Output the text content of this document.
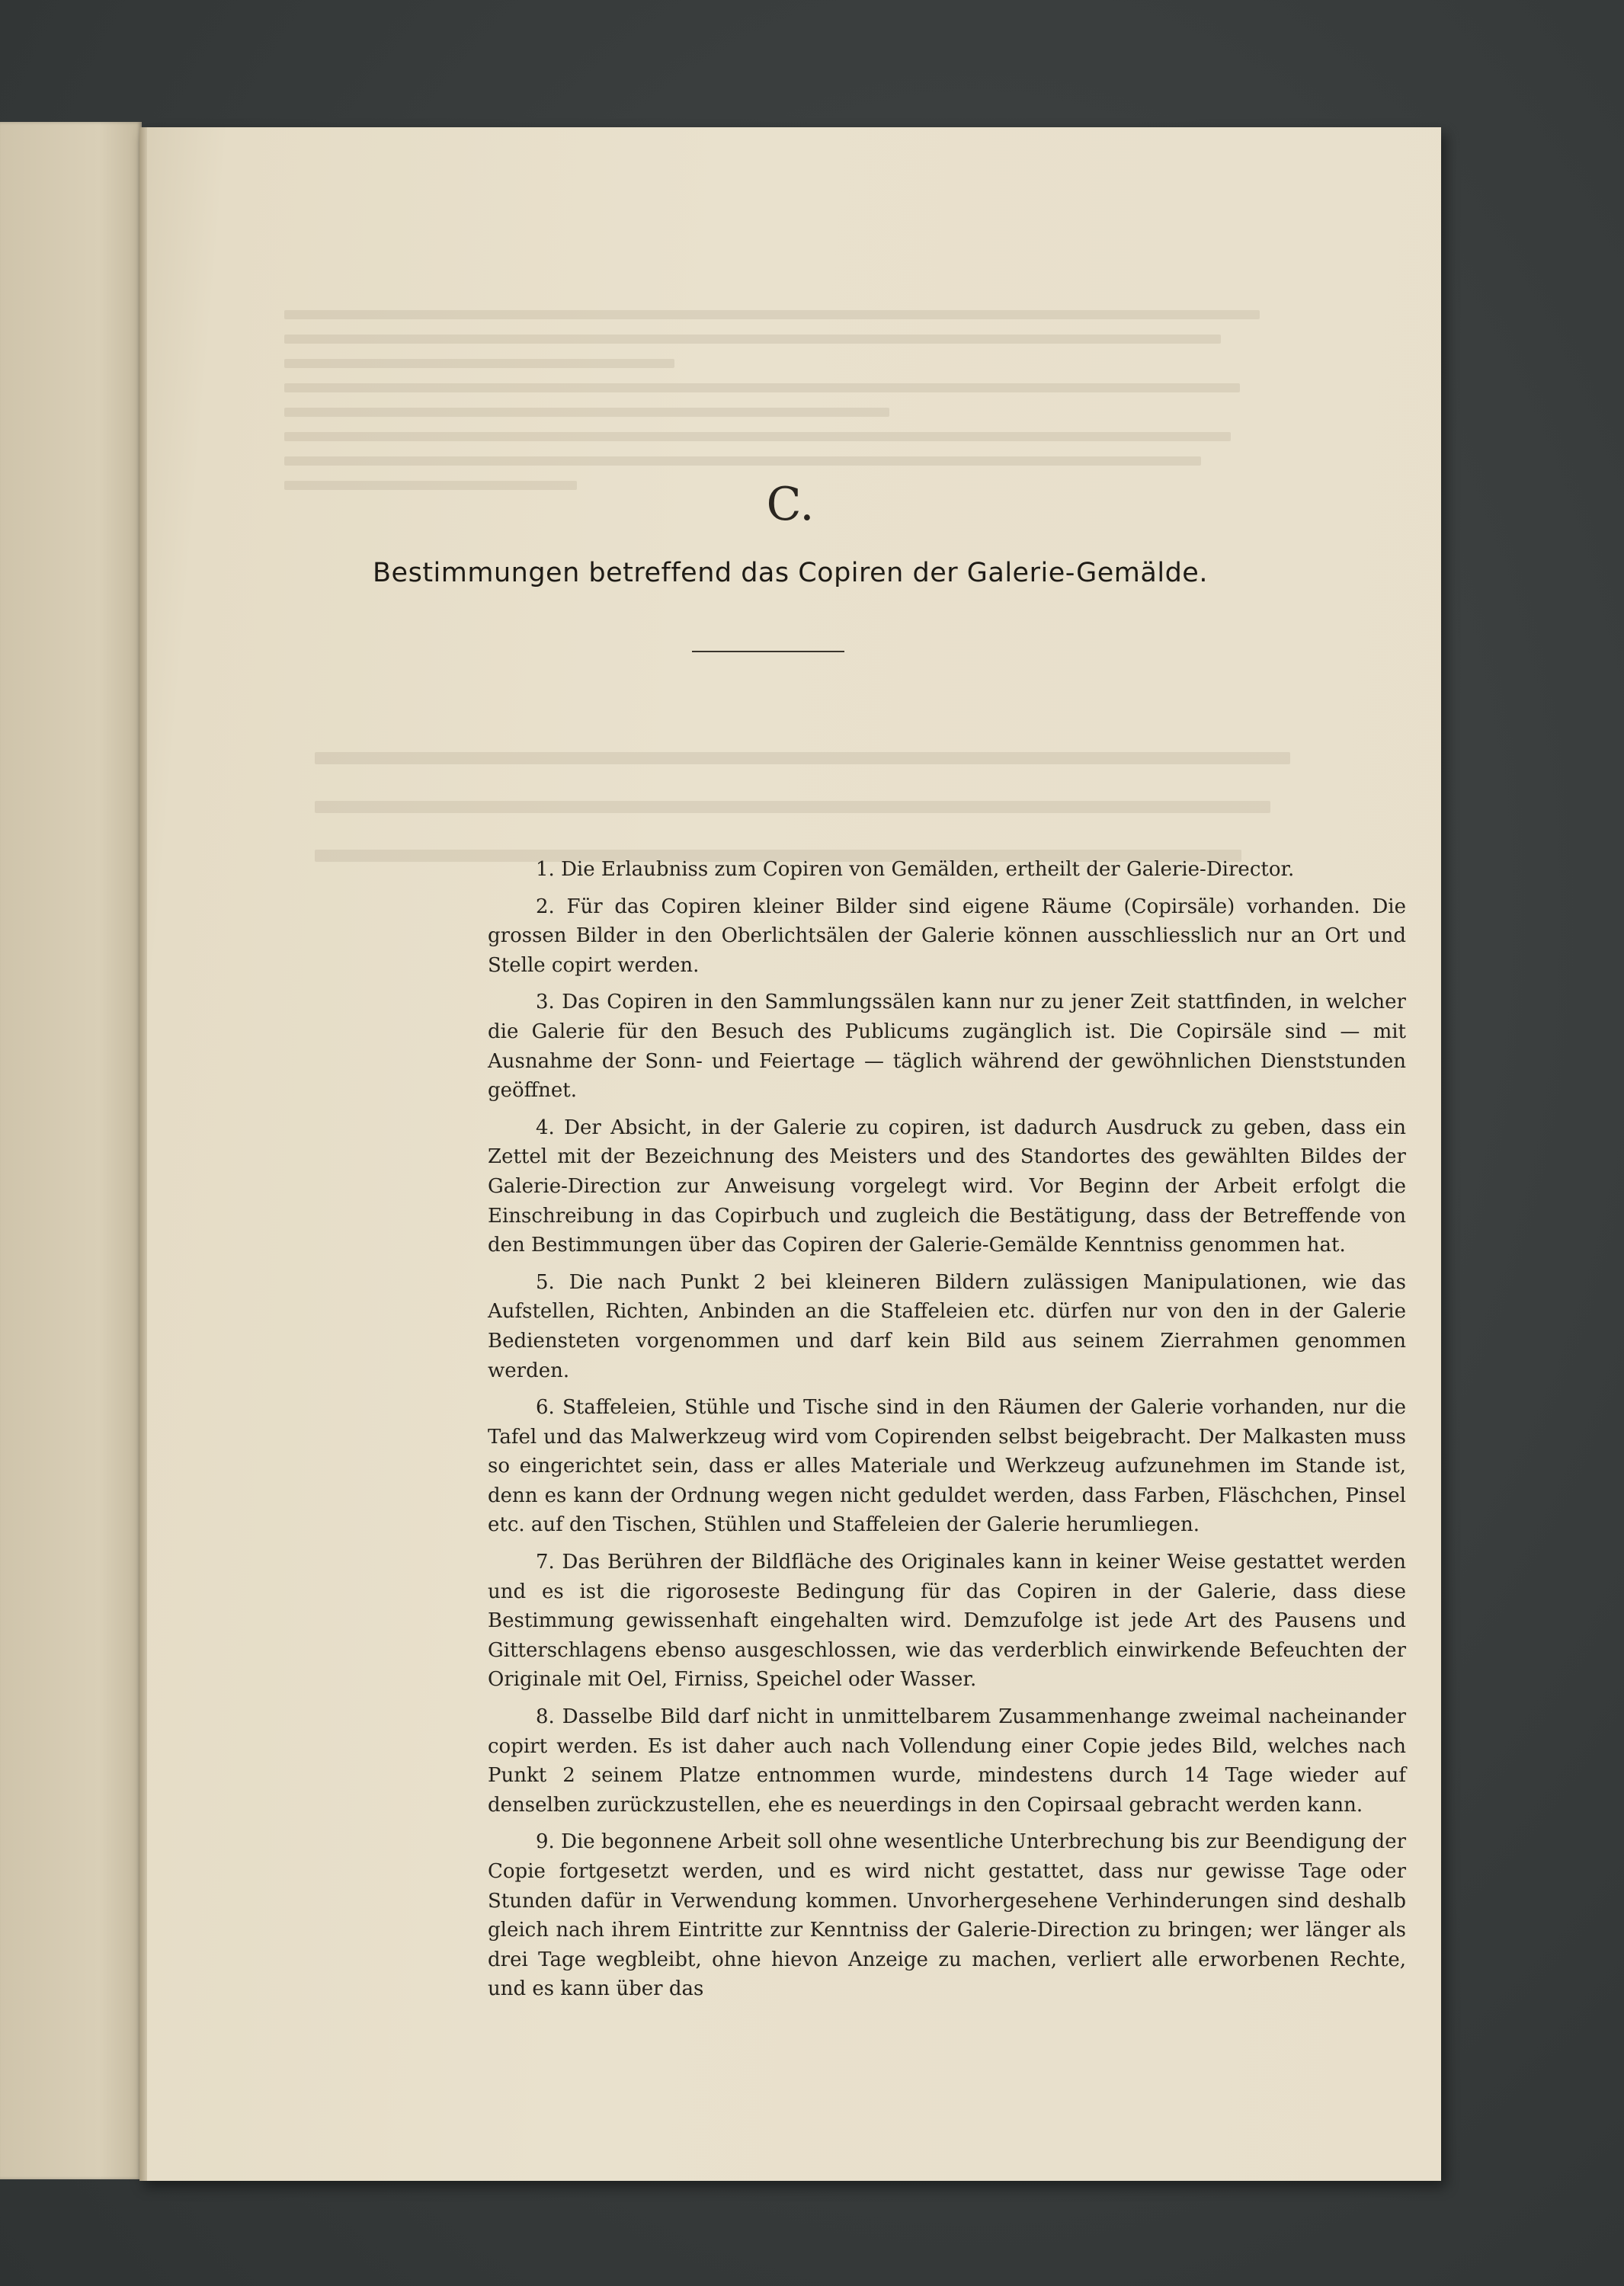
C.
Bestimmungen betreffend das Copiren der Galerie-Gemälde.

1. Die Erlaubniss zum Copiren von Gemälden, ertheilt der Galerie-Director.

2. Für das Copiren kleiner Bilder sind eigene Räume (Copirsäle) vorhanden. Die grossen Bilder in den Oberlichtsälen der Galerie können ausschliesslich nur an Ort und Stelle copirt werden.

3. Das Copiren in den Sammlungssälen kann nur zu jener Zeit stattfinden, in welcher die Galerie für den Besuch des Publicums zugänglich ist. Die Copirsäle sind — mit Ausnahme der Sonn- und Feiertage — täglich während der gewöhnlichen Dienststunden geöffnet.

4. Der Absicht, in der Galerie zu copiren, ist dadurch Ausdruck zu geben, dass ein Zettel mit der Bezeichnung des Meisters und des Standortes des gewählten Bildes der Galerie-Direction zur Anweisung vorgelegt wird. Vor Beginn der Arbeit erfolgt die Einschreibung in das Copirbuch und zugleich die Bestätigung, dass der Betreffende von den Bestimmungen über das Copiren der Galerie-Gemälde Kenntniss genommen hat.

5. Die nach Punkt 2 bei kleineren Bildern zulässigen Manipulationen, wie das Aufstellen, Richten, Anbinden an die Staffeleien etc. dürfen nur von den in der Galerie Bediensteten vorgenommen und darf kein Bild aus seinem Zierrahmen genommen werden.

6. Staffeleien, Stühle und Tische sind in den Räumen der Galerie vorhanden, nur die Tafel und das Malwerkzeug wird vom Copirenden selbst beigebracht. Der Malkasten muss so eingerichtet sein, dass er alles Materiale und Werkzeug aufzunehmen im Stande ist, denn es kann der Ordnung wegen nicht geduldet werden, dass Farben, Fläschchen, Pinsel etc. auf den Tischen, Stühlen und Staffeleien der Galerie herumliegen.

7. Das Berühren der Bildfläche des Originales kann in keiner Weise gestattet werden und es ist die rigoroseste Bedingung für das Copiren in der Galerie, dass diese Bestimmung gewissenhaft eingehalten wird. Demzufolge ist jede Art des Pausens und Gitterschlagens ebenso ausgeschlossen, wie das verderblich einwirkende Befeuchten der Originale mit Oel, Firniss, Speichel oder Wasser.

8. Dasselbe Bild darf nicht in unmittelbarem Zusammenhange zweimal nacheinander copirt werden. Es ist daher auch nach Vollendung einer Copie jedes Bild, welches nach Punkt 2 seinem Platze entnommen wurde, mindestens durch 14 Tage wieder auf denselben zurückzustellen, ehe es neuerdings in den Copirsaal gebracht werden kann.

9. Die begonnene Arbeit soll ohne wesentliche Unterbrechung bis zur Beendigung der Copie fortgesetzt werden, und es wird nicht gestattet, dass nur gewisse Tage oder Stunden dafür in Verwendung kommen. Unvorhergesehene Verhinderungen sind deshalb gleich nach ihrem Eintritte zur Kenntniss der Galerie-Direction zu bringen; wer länger als drei Tage wegbleibt, ohne hievon Anzeige zu machen, verliert alle erworbenen Rechte, und es kann über das
